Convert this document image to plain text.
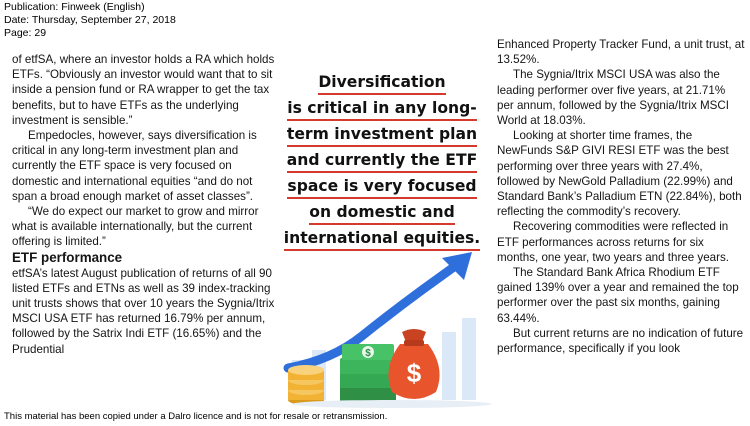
Publication: Finweek (English)
Date: Thursday, September 27, 2018
Page: 29

of etfSA, where an investor holds a RA which holds ETFs. “Obviously an investor would want that to sit inside a pension fund or RA wrapper to get the tax benefits, but to have ETFs as the underlying investment is sensible.”

Empedocles, however, says diversification is critical in any long-term investment plan and currently the ETF space is very focused on domestic and international equities “and do not span a broad enough market of asset classes”.

“We do expect our market to grow and mirror what is available internationally, but the current offering is limited.”

ETF performance

etfSA’s latest August publication of returns of all 90 listed ETFs and ETNs as well as 39 index-tracking unit trusts shows that over 10 years the Sygnia/Itrix MSCI USA ETF has returned 16.79% per annum, followed by the Satrix Indi ETF (16.65%) and the Prudential

Diversification
is critical in any long-
term investment plan
and currently the ETF
space is very focused
on domestic and
international equities.
$
$

Enhanced Property Tracker Fund, a unit trust, at 13.52%.

The Sygnia/Itrix MSCI USA was also the leading performer over five years, at 21.71% per annum, followed by the Sygnia/Itrix MSCI World at 18.03%.

Looking at shorter time frames, the NewFunds S&P GIVI RESI ETF was the best performing over three years with 27.4%, followed by NewGold Palladium (22.99%) and Standard Bank’s Palladium ETN (22.84%), both reflecting the commodity’s recovery.

Recovering commodities were reflected in ETF performances across returns for six months, one year, two years and three years.

The Standard Bank Africa Rhodium ETF gained 139% over a year and remained the top performer over the past six months, gaining 63.44%.

But current returns are no indication of future performance, specifically if you look

This material has been copied under a Dalro licence and is not for resale or retransmission.
